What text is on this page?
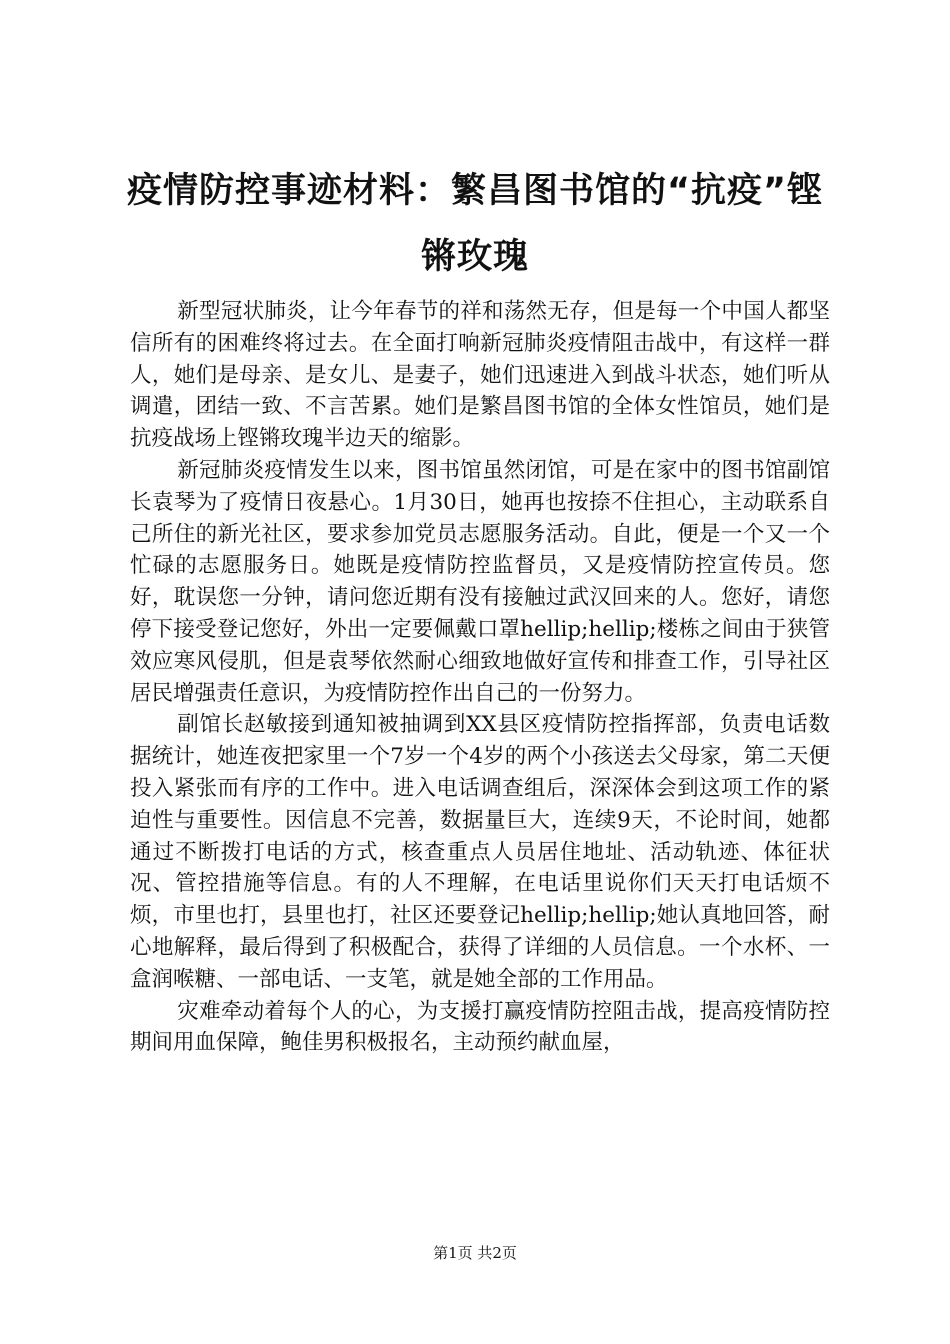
疫情防控事迹材料：繁昌图书馆的“抗疫”铿锵玫瑰

新型冠状肺炎，让今年春节的祥和荡然无存，但是每一个中国人都坚信所有的困难终将过去。在全面打响新冠肺炎疫情阻击战中，有这样一群人，她们是母亲、是女儿、是妻子，她们迅速进入到战斗状态，她们听从调遣，团结一致、不言苦累。她们是繁昌图书馆的全体女性馆员，她们是抗疫战场上铿锵玫瑰半边天的缩影。

新冠肺炎疫情发生以来，图书馆虽然闭馆，可是在家中的图书馆副馆长袁琴为了疫情日夜悬心。1月30日，她再也按捺不住担心，主动联系自己所住的新光社区，要求参加党员志愿服务活动。自此，便是一个又一个忙碌的志愿服务日。她既是疫情防控监督员，又是疫情防控宣传员。您好，耽误您一分钟，请问您近期有没有接触过武汉回来的人。您好，请您停下接受登记您好，外出一定要佩戴口罩hellip;hellip;楼栋之间由于狭管效应寒风侵肌，但是袁琴依然耐心细致地做好宣传和排查工作，引导社区居民增强责任意识，为疫情防控作出自己的一份努力。

副馆长赵敏接到通知被抽调到XX县区疫情防控指挥部，负责电话数据统计，她连夜把家里一个7岁一个4岁的两个小孩送去父母家，第二天便投入紧张而有序的工作中。进入电话调查组后，深深体会到这项工作的紧迫性与重要性。因信息不完善，数据量巨大，连续9天，不论时间，她都通过不断拨打电话的方式，核查重点人员居住地址、活动轨迹、体征状况、管控措施等信息。有的人不理解，在电话里说你们天天打电话烦不烦，市里也打，县里也打，社区还要登记hellip;hellip;她认真地回答，耐心地解释，最后得到了积极配合，获得了详细的人员信息。一个水杯、一盒润喉糖、一部电话、一支笔，就是她全部的工作用品。

灾难牵动着每个人的心，为支援打赢疫情防控阻击战，提高疫情防控期间用血保障，鲍佳男积极报名，主动预约献血屋，

第1页 共2页
